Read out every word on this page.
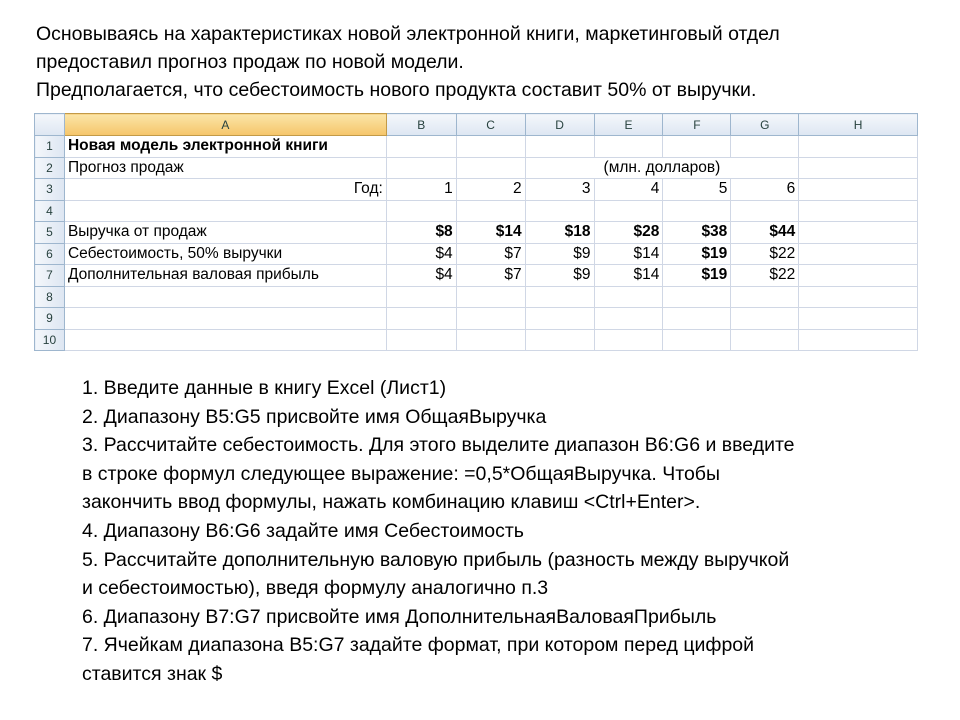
Основываясь на характеристиках новой электронной книги, маркетинговый отдел
предоставил прогноз продаж по новой модели.
Предполагается, что себестоимость нового продукта составит 50% от выручки.
	A	B	C	D	E	F	G	H
1	Новая модель электронной книги							
2	Прогноз продаж			(млн. долларов)				
3	Год:	1	2	3	4	5	6	
4								
5	Выручка от продаж	$8	$14	$18	$28	$38	$44	
6	Себестоимость, 50% выручки	$4	$7	$9	$14	$19	$22	
7	Дополнительная валовая прибыль	$4	$7	$9	$14	$19	$22	
8								
9								
10								
1. Введите данные в книгу Excel (Лист1)
2. Диапазону B5:G5 присвойте имя ОбщаяВыручка
3. Рассчитайте себестоимость. Для этого выделите диапазон B6:G6 и введите
в строке формул следующее выражение: =0,5*ОбщаяВыручка. Чтобы
закончить ввод формулы, нажать комбинацию клавиш <Ctrl+Enter>.
4. Диапазону B6:G6 задайте имя Себестоимость
5. Рассчитайте дополнительную валовую прибыль (разность между выручкой
и себестоимостью), введя формулу аналогично п.3
6. Диапазону B7:G7 присвойте имя ДополнительнаяВаловаяПрибыль
7. Ячейкам диапазона B5:G7 задайте формат, при котором перед цифрой
ставится знак $
